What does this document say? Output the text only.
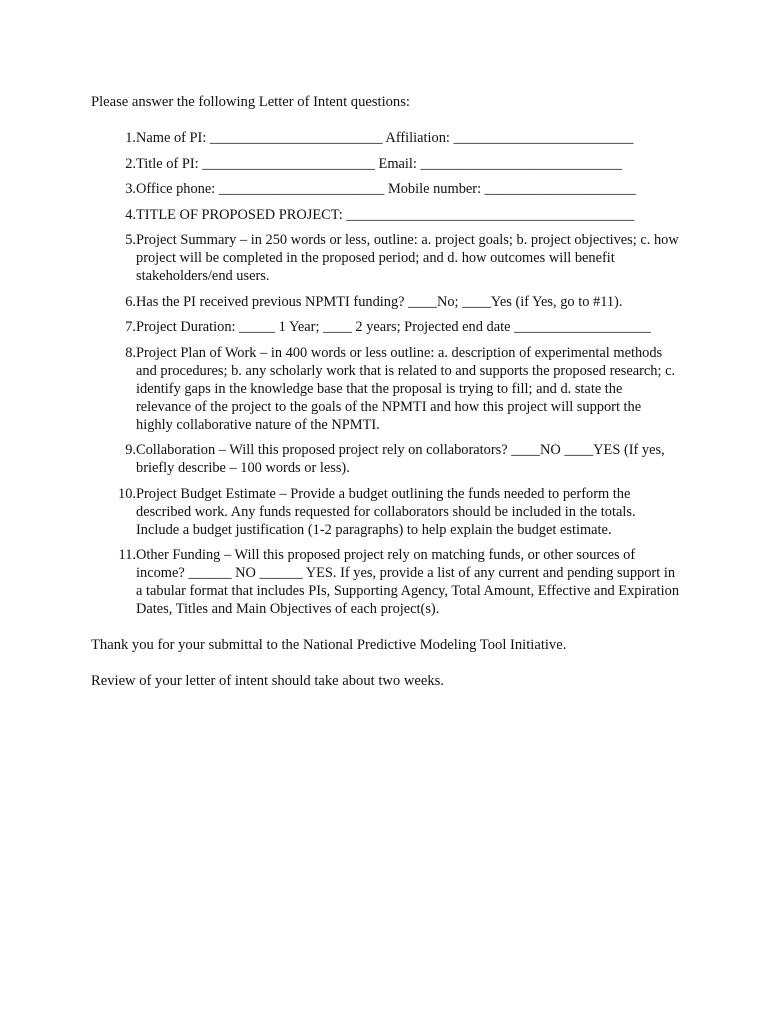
Please answer the following Letter of Intent questions:
1. Name of PI: ________________________ Affiliation: _________________________
2. Title of PI: ________________________ Email: ____________________________
3. Office phone: _______________________ Mobile number: _____________________
4. TITLE OF PROPOSED PROJECT: ________________________________________
5. Project Summary – in 250 words or less, outline: a. project goals; b. project objectives; c. how project will be completed in the proposed period; and d. how outcomes will benefit stakeholders/end users.
6. Has the PI received previous NPMTI funding? ____No; ____Yes (if Yes, go to #11).
7. Project Duration: _____ 1 Year; ____ 2 years; Projected end date ___________________
8. Project Plan of Work – in 400 words or less outline: a. description of experimental methods and procedures; b. any scholarly work that is related to and supports the proposed research; c. identify gaps in the knowledge base that the proposal is trying to fill; and d. state the relevance of the project to the goals of the NPMTI and how this project will support the highly collaborative nature of the NPMTI.
9. Collaboration – Will this proposed project rely on collaborators? ____NO ____YES (If yes, briefly describe – 100 words or less).
10. Project Budget Estimate – Provide a budget outlining the funds needed to perform the described work. Any funds requested for collaborators should be included in the totals. Include a budget justification (1-2 paragraphs) to help explain the budget estimate.
11. Other Funding – Will this proposed project rely on matching funds, or other sources of income? ______ NO ______ YES. If yes, provide a list of any current and pending support in a tabular format that includes PIs, Supporting Agency, Total Amount, Effective and Expiration Dates, Titles and Main Objectives of each project(s).
Thank you for your submittal to the National Predictive Modeling Tool Initiative.
Review of your letter of intent should take about two weeks.
